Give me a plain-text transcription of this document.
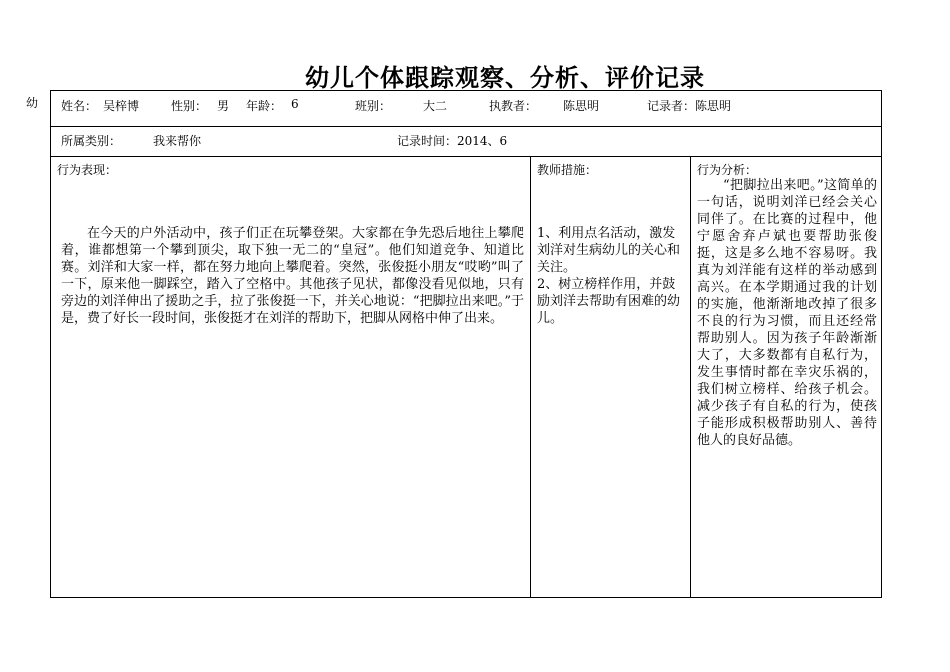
幼儿个体跟踪观察、分析、评价记录
幼 姓名： 吴梓博	性别： 男 年龄： 6	班别：	大二	执教者： 陈思明	记录者： 陈思明
所属类别：	我来帮你	记录时间： 2014、6
行为表现：
在今天的户外活动中，孩子们正在玩攀登架。大家都在争先恐后地往上攀爬着，谁都想第一个攀到顶尖，取下独一无二的“皇冠”。他们知道竞争、知道比赛。刘洋和大家一样，都在努力地向上攀爬着。突然，张俊挺小朋友“哎哟”叫了一下，原来他一脚踩空，踏入了空格中。其他孩子见状，都像没看见似地，只有旁边的刘洋伸出了援助之手，拉了张俊挺一下，并关心地说：“把脚拉出来吧。”于是，费了好长一段时间，张俊挺才在刘洋的帮助下，把脚从网格中伸了出来。
教师措施：

1、利用点名活动，激发刘洋对生病幼儿的关心和关注。

2、树立榜样作用，并鼓励刘洋去帮助有困难的幼儿。

行为分析：
“把脚拉出来吧。”这简单的一句话，说明刘洋已经会关心同伴了。在比赛的过程中，他宁愿舍弃卢斌也要帮助张俊挺，这是多么地不容易呀。我真为刘洋能有这样的举动感到高兴。在本学期通过我的计划的实施，他渐渐地改掉了很多不良的行为习惯，而且还经常帮助别人。因为孩子年龄渐渐大了，大多数都有自私行为，发生事情时都在幸灾乐祸的，我们树立榜样、给孩子机会。减少孩子有自私的行为，使孩子能形成积极帮助别人、善待他人的良好品德。
